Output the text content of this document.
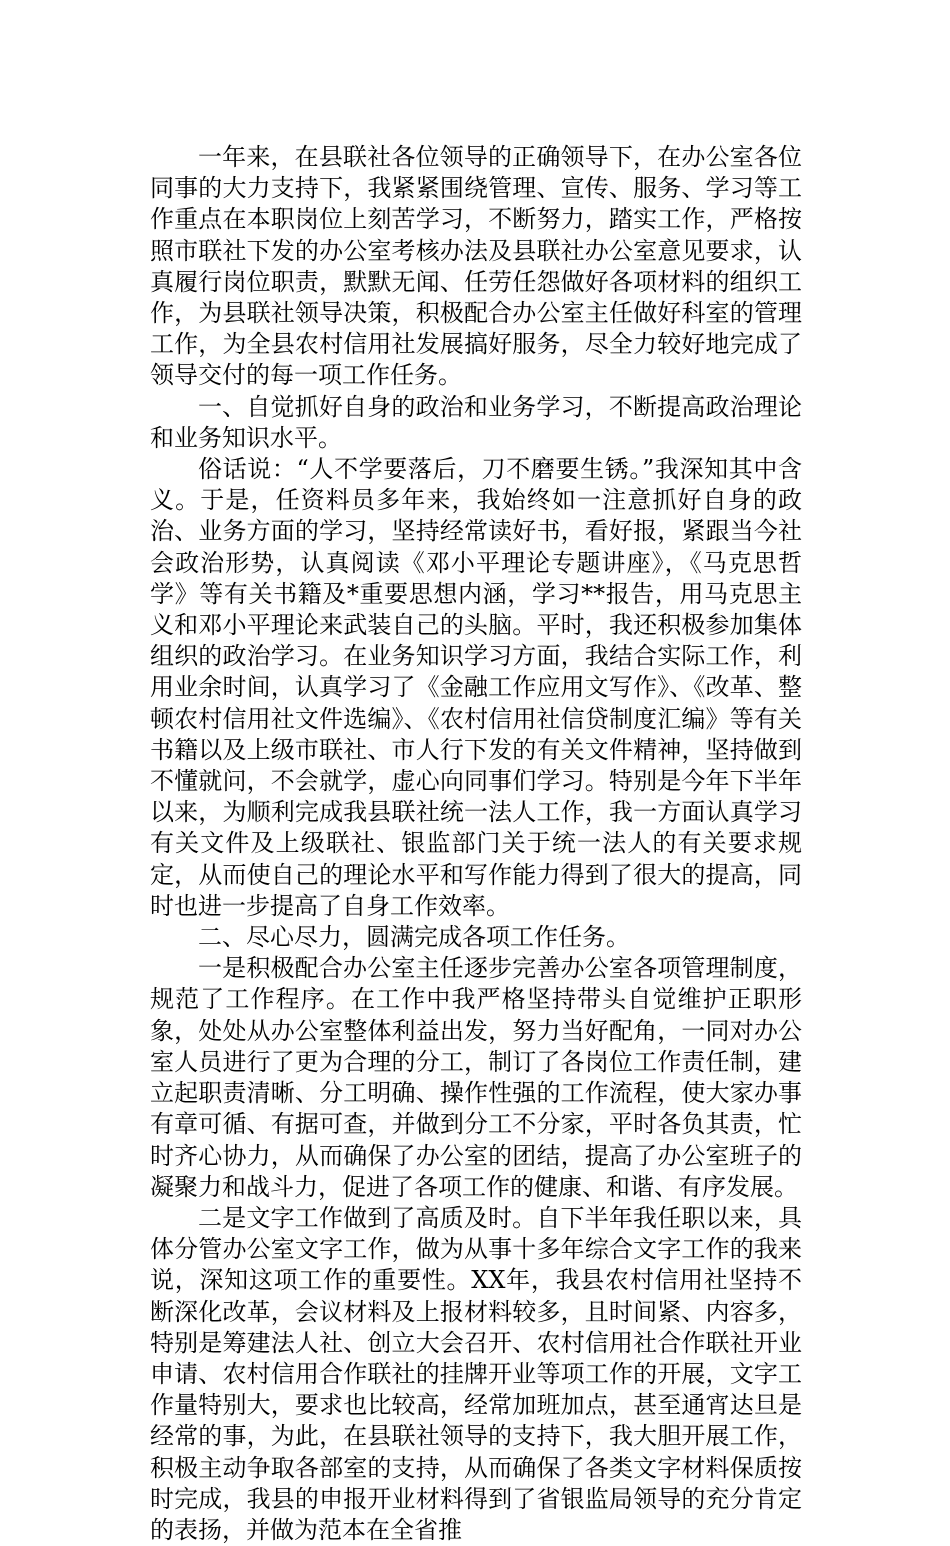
一年来，在县联社各位领导的正确领导下，在办公室各位同事的大力支持下，我紧紧围绕管理、宣传、服务、学习等工作重点在本职岗位上刻苦学习，不断努力，踏实工作，严格按照市联社下发的办公室考核办法及县联社办公室意见要求，认真履行岗位职责，默默无闻、任劳任怨做好各项材料的组织工作，为县联社领导决策，积极配合办公室主任做好科室的管理工作，为全县农村信用社发展搞好服务，尽全力较好地完成了领导交付的每一项工作任务。

一、自觉抓好自身的政治和业务学习，不断提高政治理论和业务知识水平。

俗话说：“人不学要落后，刀不磨要生锈。”我深知其中含义。于是，任资料员多年来，我始终如一注意抓好自身的政治、业务方面的学习，坚持经常读好书，看好报，紧跟当今社会政治形势，认真阅读《邓小平理论专题讲座》，《马克思哲学》等有关书籍及*重要思想内涵，学习**报告，用马克思主义和邓小平理论来武装自己的头脑。平时，我还积极参加集体组织的政治学习。在业务知识学习方面，我结合实际工作，利用业余时间，认真学习了《金融工作应用文写作》、《改革、整顿农村信用社文件选编》、《农村信用社信贷制度汇编》等有关书籍以及上级市联社、市人行下发的有关文件精神，坚持做到不懂就问，不会就学，虚心向同事们学习。特别是今年下半年以来，为顺利完成我县联社统一法人工作，我一方面认真学习有关文件及上级联社、银监部门关于统一法人的有关要求规定，从而使自己的理论水平和写作能力得到了很大的提高，同时也进一步提高了自身工作效率。

二、尽心尽力，圆满完成各项工作任务。

一是积极配合办公室主任逐步完善办公室各项管理制度，规范了工作程序。在工作中我严格坚持带头自觉维护正职形象，处处从办公室整体利益出发，努力当好配角，一同对办公室人员进行了更为合理的分工，制订了各岗位工作责任制，建立起职责清晰、分工明确、操作性强的工作流程，使大家办事有章可循、有据可查，并做到分工不分家，平时各负其责，忙时齐心协力，从而确保了办公室的团结，提高了办公室班子的凝聚力和战斗力，促进了各项工作的健康、和谐、有序发展。

二是文字工作做到了高质及时。自下半年我任职以来，具体分管办公室文字工作，做为从事十多年综合文字工作的我来说，深知这项工作的重要性。XX年，我县农村信用社坚持不断深化改革，会议材料及上报材料较多，且时间紧、内容多，特别是筹建法人社、创立大会召开、农村信用社合作联社开业申请、农村信用合作联社的挂牌开业等项工作的开展，文字工作量特别大，要求也比较高，经常加班加点，甚至通宵达旦是经常的事，为此，在县联社领导的支持下，我大胆开展工作，积极主动争取各部室的支持，从而确保了各类文字材料保质按时完成，我县的申报开业材料得到了省银监局领导的充分肯定的表扬，并做为范本在全省推
